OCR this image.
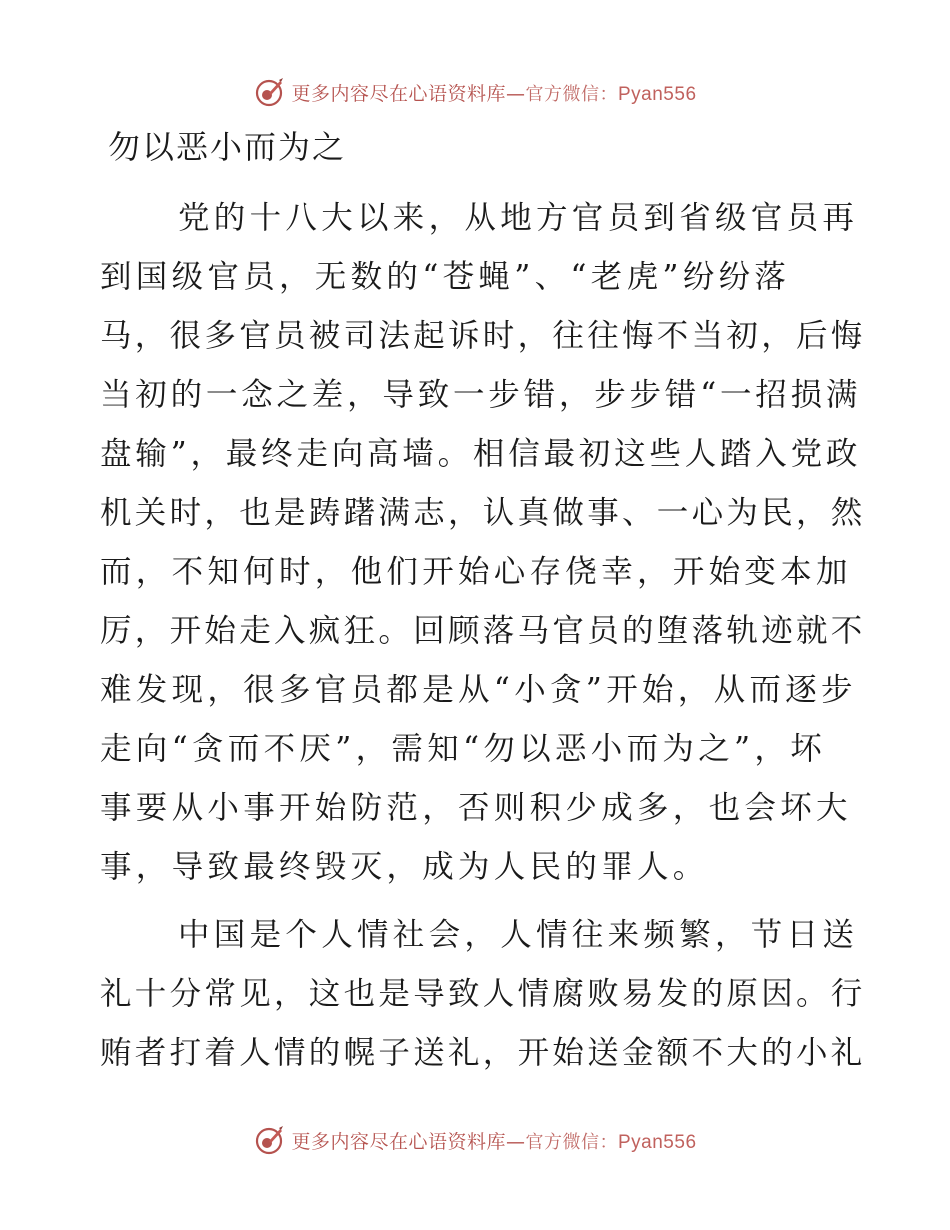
更多内容尽在心语资料库—官方微信：Pyan556
勿以恶小而为之
党的十八大以来，从地方官员到省级官员再
到国级官员，无数的“苍蝇”、“老虎”纷纷落
马，很多官员被司法起诉时，往往悔不当初，后悔
当初的一念之差，导致一步错，步步错“一招损满
盘输”，最终走向高墙。相信最初这些人踏入党政
机关时，也是踌躇满志，认真做事、一心为民，然
而，不知何时，他们开始心存侥幸，开始变本加
厉，开始走入疯狂。回顾落马官员的堕落轨迹就不
难发现，很多官员都是从“小贪”开始，从而逐步
走向“贪而不厌”，需知“勿以恶小而为之”，坏
事要从小事开始防范，否则积少成多，也会坏大
事，导致最终毁灭，成为人民的罪人。
中国是个人情社会，人情往来频繁，节日送
礼十分常见，这也是导致人情腐败易发的原因。行
贿者打着人情的幌子送礼，开始送金额不大的小礼
更多内容尽在心语资料库—官方微信：Pyan556
